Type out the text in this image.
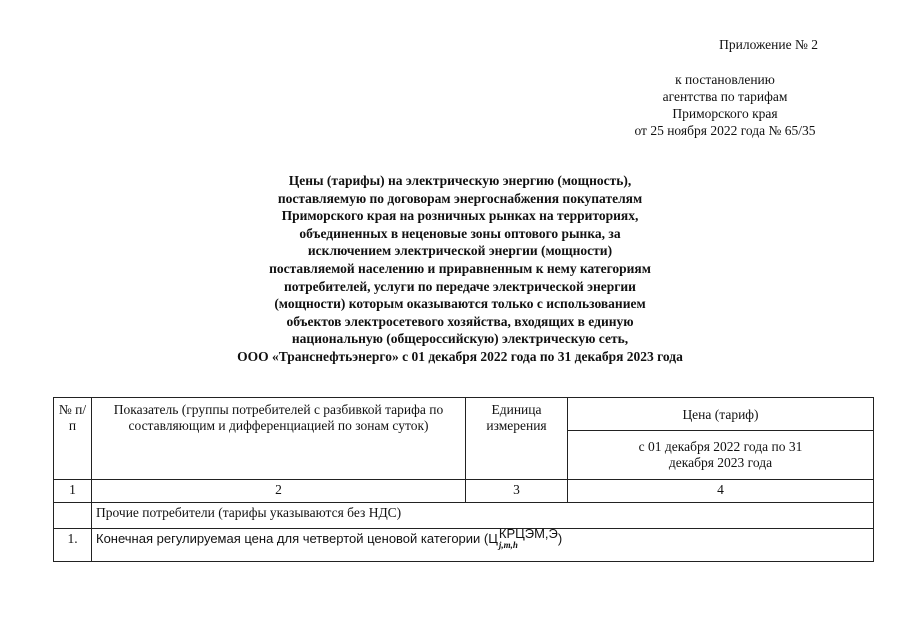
Приложение № 2
к постановлению
агентства по тарифам
Приморского края
от 25 ноября 2022 года № 65/35
Цены (тарифы) на электрическую энергию (мощность),
поставляемую по договорам энергоснабжения покупателям
Приморского края на розничных рынках на территориях,
объединенных в неценовые зоны оптового рынка, за
исключением электрической энергии (мощности)
поставляемой населению и приравненным к нему категориям
потребителей, услуги по передаче электрической энергии
(мощности) которым оказываются только с использованием
объектов электросетевого хозяйства, входящих в единую
национальную (общероссийскую) электрическую сеть,
ООО «Транснефтьэнерго» с 01 декабря 2022 года по 31 декабря 2023 года
№ п/п	Показатель (группы потребителей с разбивкой тарифа по составляющим и дифференциацией по зонам суток)	Единица измерения	Цена (тариф)
			с 01 декабря 2022 года по 31 декабря 2023 года
1	2	3	4
	Прочие потребители (тарифы указываются без НДС)		
1.	Конечная регулируемая цена для четвертой ценовой категории (Ц КРЦЭМ,Э
j,m,h )		
